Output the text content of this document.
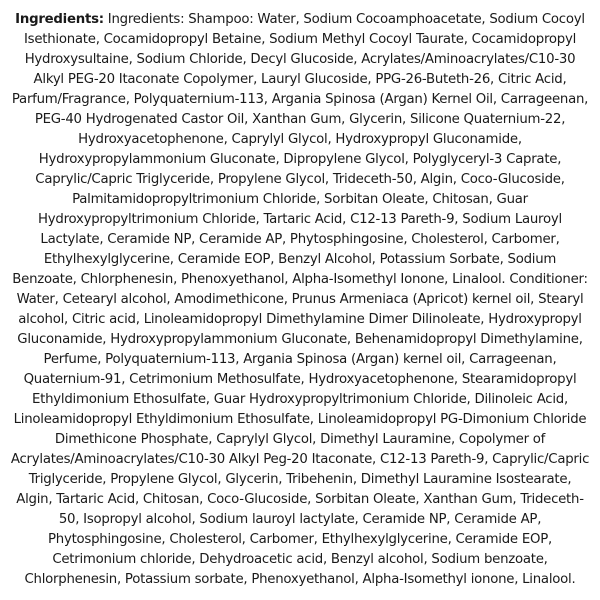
Ingredients: Ingredients: Shampoo: Water, Sodium Cocoamphoacetate, Sodium Cocoyl Isethionate, Cocamidopropyl Betaine, Sodium Methyl Cocoyl Taurate, Cocamidopropyl Hydroxysultaine, Sodium Chloride, Decyl Glucoside, Acrylates/Aminoacrylates/C10-30 Alkyl PEG-20 Itaconate Copolymer, Lauryl Glucoside, PPG-26-Buteth-26, Citric Acid, Parfum/Fragrance, Polyquaternium-113, Argania Spinosa (Argan) Kernel Oil, Carrageenan, PEG-40 Hydrogenated Castor Oil, Xanthan Gum, Glycerin, Silicone Quaternium-22, Hydroxyacetophenone, Caprylyl Glycol, Hydroxypropyl Gluconamide, Hydroxypropylammonium Gluconate, Dipropylene Glycol, Polyglyceryl-3 Caprate, Caprylic/Capric Triglyceride, Propylene Glycol, Trideceth-50, Algin, Coco-Glucoside, Palmitamidopropyltrimonium Chloride, Sorbitan Oleate, Chitosan, Guar Hydroxypropyltrimonium Chloride, Tartaric Acid, C12-13 Pareth-9, Sodium Lauroyl Lactylate, Ceramide NP, Ceramide AP, Phytosphingosine, Cholesterol, Carbomer, Ethylhexylglycerine, Ceramide EOP, Benzyl Alcohol, Potassium Sorbate, Sodium Benzoate, Chlorphenesin, Phenoxyethanol, Alpha-Isomethyl Ionone, Linalool. Conditioner: Water, Cetearyl alcohol, Amodimethicone, Prunus Armeniaca (Apricot) kernel oil, Stearyl alcohol, Citric acid, Linoleamidopropyl Dimethylamine Dimer Dilinoleate, Hydroxypropyl Gluconamide, Hydroxypropylammonium Gluconate, Behenamidopropyl Dimethylamine, Perfume, Polyquaternium-113, Argania Spinosa (Argan) kernel oil, Carrageenan, Quaternium-91, Cetrimonium Methosulfate, Hydroxyacetophenone, Stearamidopropyl Ethyldimonium Ethosulfate, Guar Hydroxypropyltrimonium Chloride, Dilinoleic Acid, Linoleamidopropyl Ethyldimonium Ethosulfate, Linoleamidopropyl PG-Dimonium Chloride Dimethicone Phosphate, Caprylyl Glycol, Dimethyl Lauramine, Copolymer of Acrylates/Aminoacrylates/C10-30 Alkyl Peg-20 Itaconate, C12-13 Pareth-9, Caprylic/Capric Triglyceride, Propylene Glycol, Glycerin, Tribehenin, Dimethyl Lauramine Isostearate, Algin, Tartaric Acid, Chitosan, Coco-Glucoside, Sorbitan Oleate, Xanthan Gum, Trideceth-50, Isopropyl alcohol, Sodium lauroyl lactylate, Ceramide NP, Ceramide AP, Phytosphingosine, Cholesterol, Carbomer, Ethylhexylglycerine, Ceramide EOP, Cetrimonium chloride, Dehydroacetic acid, Benzyl alcohol, Sodium benzoate, Chlorphenesin, Potassium sorbate, Phenoxyethanol, Alpha-Isomethyl ionone, Linalool.
